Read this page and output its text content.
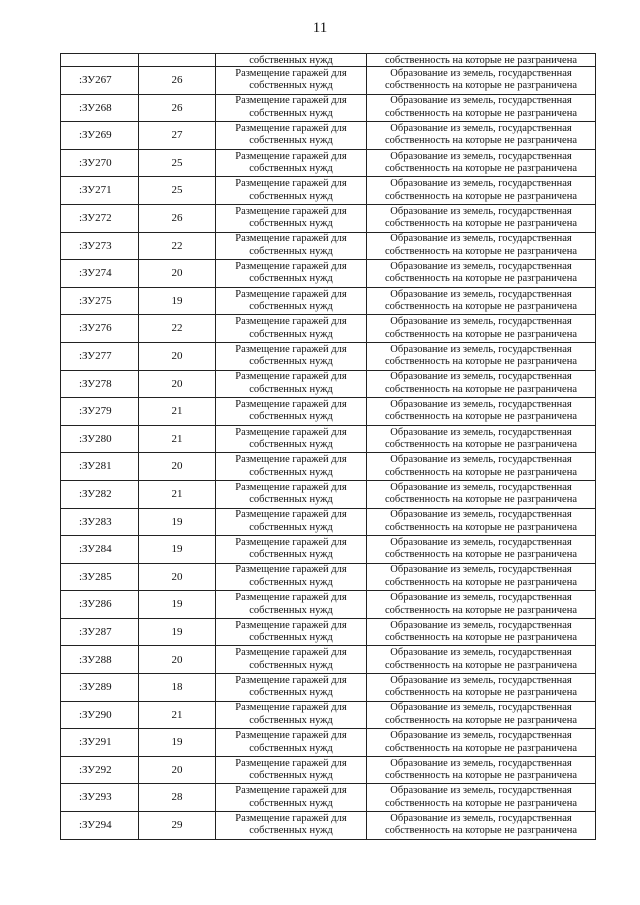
11
		собственных нужд	собственность на которые не разграничена
:ЗУ267	26	Размещение гаражей для
собственных нужд	Образование из земель, государственная
собственность на которые не разграничена

:ЗУ268	26	Размещение гаражей для
собственных нужд	Образование из земель, государственная
собственность на которые не разграничена

:ЗУ269	27	Размещение гаражей для
собственных нужд	Образование из земель, государственная
собственность на которые не разграничена

:ЗУ270	25	Размещение гаражей для
собственных нужд	Образование из земель, государственная
собственность на которые не разграничена

:ЗУ271	25	Размещение гаражей для
собственных нужд	Образование из земель, государственная
собственность на которые не разграничена

:ЗУ272	26	Размещение гаражей для
собственных нужд	Образование из земель, государственная
собственность на которые не разграничена

:ЗУ273	22	Размещение гаражей для
собственных нужд	Образование из земель, государственная
собственность на которые не разграничена

:ЗУ274	20	Размещение гаражей для
собственных нужд	Образование из земель, государственная
собственность на которые не разграничена

:ЗУ275	19	Размещение гаражей для
собственных нужд	Образование из земель, государственная
собственность на которые не разграничена

:ЗУ276	22	Размещение гаражей для
собственных нужд	Образование из земель, государственная
собственность на которые не разграничена

:ЗУ277	20	Размещение гаражей для
собственных нужд	Образование из земель, государственная
собственность на которые не разграничена

:ЗУ278	20	Размещение гаражей для
собственных нужд	Образование из земель, государственная
собственность на которые не разграничена

:ЗУ279	21	Размещение гаражей для
собственных нужд	Образование из земель, государственная
собственность на которые не разграничена

:ЗУ280	21	Размещение гаражей для
собственных нужд	Образование из земель, государственная
собственность на которые не разграничена

:ЗУ281	20	Размещение гаражей для
собственных нужд	Образование из земель, государственная
собственность на которые не разграничена

:ЗУ282	21	Размещение гаражей для
собственных нужд	Образование из земель, государственная
собственность на которые не разграничена

:ЗУ283	19	Размещение гаражей для
собственных нужд	Образование из земель, государственная
собственность на которые не разграничена

:ЗУ284	19	Размещение гаражей для
собственных нужд	Образование из земель, государственная
собственность на которые не разграничена

:ЗУ285	20	Размещение гаражей для
собственных нужд	Образование из земель, государственная
собственность на которые не разграничена

:ЗУ286	19	Размещение гаражей для
собственных нужд	Образование из земель, государственная
собственность на которые не разграничена

:ЗУ287	19	Размещение гаражей для
собственных нужд	Образование из земель, государственная
собственность на которые не разграничена

:ЗУ288	20	Размещение гаражей для
собственных нужд	Образование из земель, государственная
собственность на которые не разграничена

:ЗУ289	18	Размещение гаражей для
собственных нужд	Образование из земель, государственная
собственность на которые не разграничена

:ЗУ290	21	Размещение гаражей для
собственных нужд	Образование из земель, государственная
собственность на которые не разграничена

:ЗУ291	19	Размещение гаражей для
собственных нужд	Образование из земель, государственная
собственность на которые не разграничена

:ЗУ292	20	Размещение гаражей для
собственных нужд	Образование из земель, государственная
собственность на которые не разграничена

:ЗУ293	28	Размещение гаражей для
собственных нужд	Образование из земель, государственная
собственность на которые не разграничена

:ЗУ294	29	Размещение гаражей для
собственных нужд	Образование из земель, государственная
собственность на которые не разграничена
